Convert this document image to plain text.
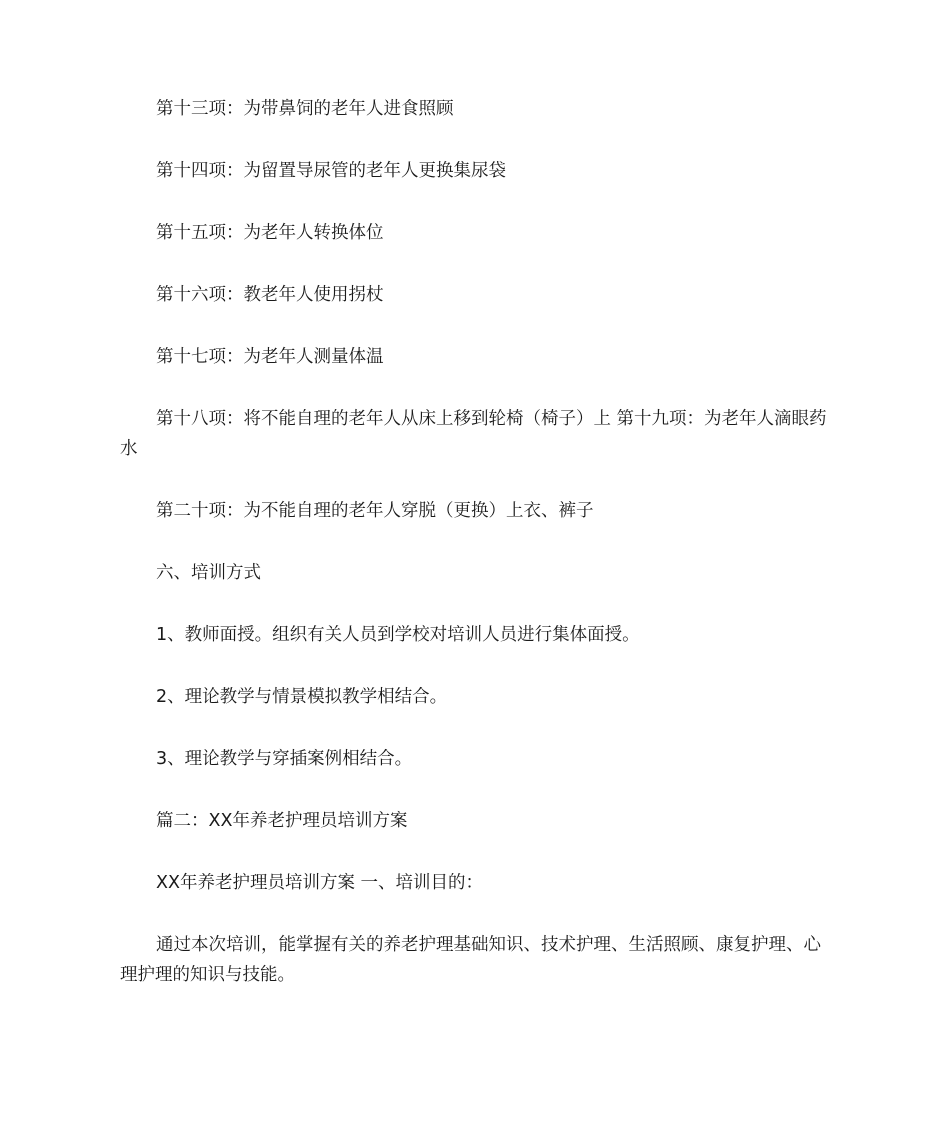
第十三项：为带鼻饲的老年人进食照顾

第十四项：为留置导尿管的老年人更换集尿袋

第十五项：为老年人转换体位

第十六项：教老年人使用拐杖

第十七项：为老年人测量体温

第十八项：将不能自理的老年人从床上移到轮椅（椅子）上 第十九项：为老年人滴眼药水

第二十项：为不能自理的老年人穿脱（更换）上衣、裤子

六、培训方式

1、教师面授。组织有关人员到学校对培训人员进行集体面授。

2、理论教学与情景模拟教学相结合。

3、理论教学与穿插案例相结合。

篇二：XX年养老护理员培训方案

XX年养老护理员培训方案 一、培训目的：

通过本次培训，能掌握有关的养老护理基础知识、技术护理、生活照顾、康复护理、心理护理的知识与技能。
